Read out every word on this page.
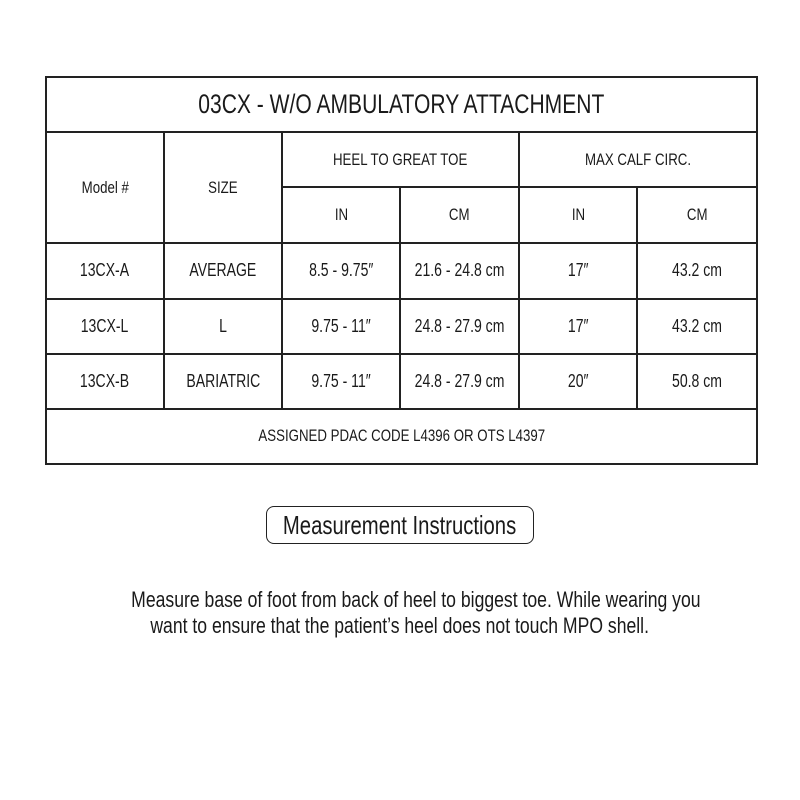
03CX - W/O AMBULATORY ATTACHMENT					
Model #	SIZE	HEEL TO GREAT TOE		MAX CALF CIRC.	
		IN	CM	IN	CM
13CX-A	AVERAGE	8.5 - 9.75″	21.6 - 24.8 cm	17″	43.2 cm
13CX-L	L	9.75 - 11″	24.8 - 27.9 cm	17″	43.2 cm
13CX-B	BARIATRIC	9.75 - 11″	24.8 - 27.9 cm	20″	50.8 cm
ASSIGNED PDAC CODE L4396 OR OTS L4397					
Measurement Instructions
Measure base of foot from back of heel to biggest toe. While wearing you
want to ensure that the patient’s heel does not touch MPO shell.
